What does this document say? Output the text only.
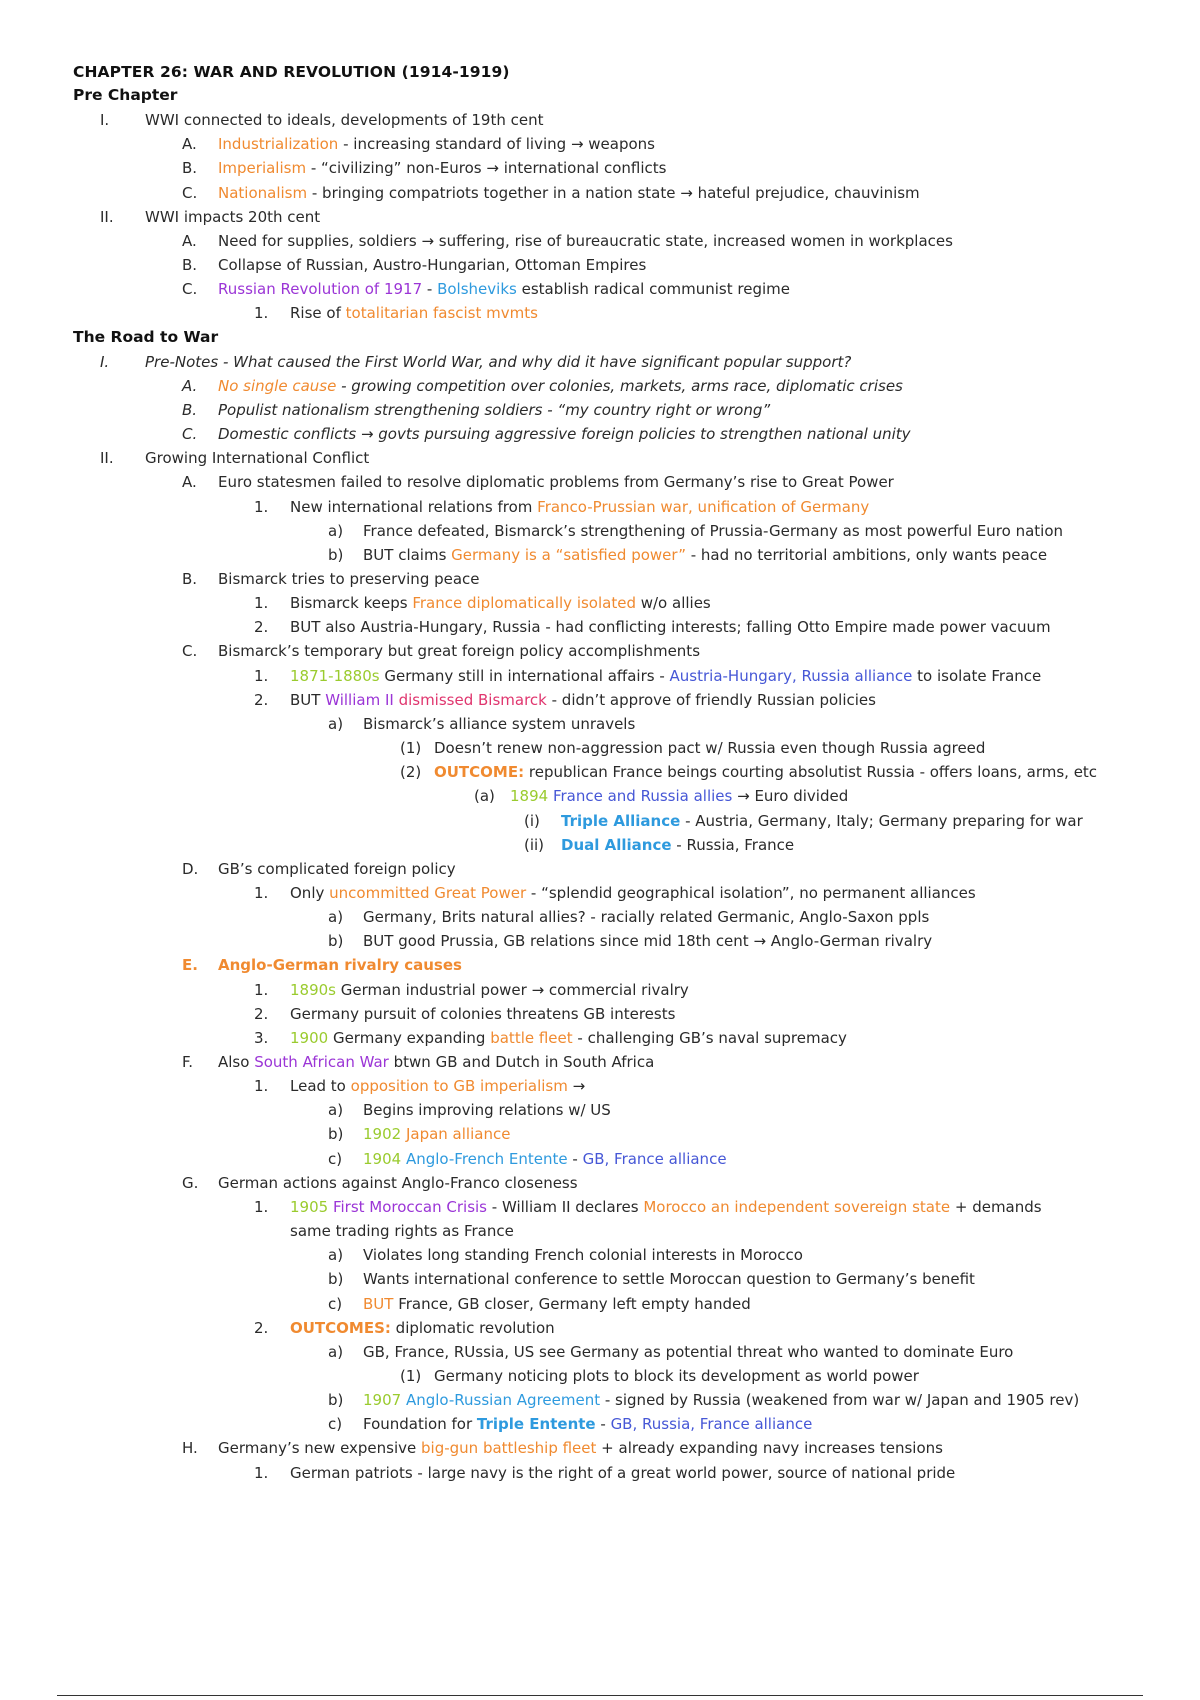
CHAPTER 26: WAR AND REVOLUTION (1914-1919)
Pre Chapter
I. WWI connected to ideals, developments of 19th cent
A. Industrialization - increasing standard of living → weapons
B. Imperialism - “civilizing” non-Euros → international conflicts
C. Nationalism - bringing compatriots together in a nation state → hateful prejudice, chauvinism
II. WWI impacts 20th cent
A. Need for supplies, soldiers → suffering, rise of bureaucratic state, increased women in workplaces
B. Collapse of Russian, Austro-Hungarian, Ottoman Empires
C. Russian Revolution of 1917 - Bolsheviks establish radical communist regime
1. Rise of totalitarian fascist mvmts
The Road to War
I. Pre-Notes - What caused the First World War, and why did it have significant popular support?
A. No single cause - growing competition over colonies, markets, arms race, diplomatic crises
B. Populist nationalism strengthening soldiers - “my country right or wrong”
C. Domestic conflicts → govts pursuing aggressive foreign policies to strengthen national unity
II. Growing International Conflict
A. Euro statesmen failed to resolve diplomatic problems from Germany’s rise to Great Power
1. New international relations from Franco-Prussian war, unification of Germany
a) France defeated, Bismarck’s strengthening of Prussia-Germany as most powerful Euro nation
b) BUT claims Germany is a “satisfied power” - had no territorial ambitions, only wants peace
B. Bismarck tries to preserving peace
1. Bismarck keeps France diplomatically isolated w/o allies
2. BUT also Austria-Hungary, Russia - had conflicting interests; falling Otto Empire made power vacuum
C. Bismarck’s temporary but great foreign policy accomplishments
1. 1871-1880s Germany still in international affairs - Austria-Hungary, Russia alliance to isolate France
2. BUT William II dismissed Bismarck - didn’t approve of friendly Russian policies
a) Bismarck’s alliance system unravels
(1) Doesn’t renew non-aggression pact w/ Russia even though Russia agreed
(2) OUTCOME: republican France beings courting absolutist Russia - offers loans, arms, etc
(a) 1894 France and Russia allies → Euro divided
(i) Triple Alliance - Austria, Germany, Italy; Germany preparing for war
(ii) Dual Alliance - Russia, France
D. GB’s complicated foreign policy
1. Only uncommitted Great Power - “splendid geographical isolation”, no permanent alliances
a) Germany, Brits natural allies? - racially related Germanic, Anglo-Saxon ppls
b) BUT good Prussia, GB relations since mid 18th cent → Anglo-German rivalry
E. Anglo-German rivalry causes
1. 1890s German industrial power → commercial rivalry
2. Germany pursuit of colonies threatens GB interests
3. 1900 Germany expanding battle fleet - challenging GB’s naval supremacy
F. Also South African War btwn GB and Dutch in South Africa
1. Lead to opposition to GB imperialism →
a) Begins improving relations w/ US
b) 1902 Japan alliance
c) 1904 Anglo-French Entente - GB, France alliance
G. German actions against Anglo-Franco closeness
1. 1905 First Moroccan Crisis - William II declares Morocco an independent sovereign state + demands
same trading rights as France
a) Violates long standing French colonial interests in Morocco
b) Wants international conference to settle Moroccan question to Germany’s benefit
c) BUT France, GB closer, Germany left empty handed
2. OUTCOMES: diplomatic revolution
a) GB, France, RUssia, US see Germany as potential threat who wanted to dominate Euro
(1) Germany noticing plots to block its development as world power
b) 1907 Anglo-Russian Agreement - signed by Russia (weakened from war w/ Japan and 1905 rev)
c) Foundation for Triple Entente - GB, Russia, France alliance
H. Germany’s new expensive big-gun battleship fleet + already expanding navy increases tensions
1. German patriots - large navy is the right of a great world power, source of national pride
